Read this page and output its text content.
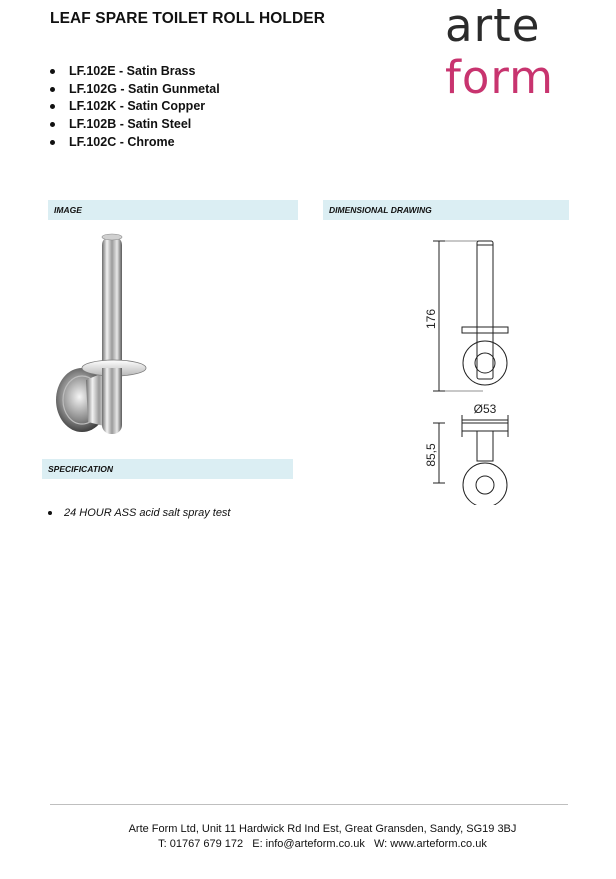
LEAF SPARE TOILET ROLL HOLDER	arte
form
LF.102E - Satin Brass
LF.102G - Satin Gunmetal
LF.102K - Satin Copper
LF.102B - Satin Steel
LF.102C - Chrome
IMAGE	DIMENSIONAL DRAWING
176
Ø53
85,5
SPECIFICATION
24 HOUR ASS acid salt spray test
Arte Form Ltd, Unit 11 Hardwick Rd Ind Est, Great Gransden, Sandy, SG19 3BJ
T: 01767 679 172 E: info@arteform.co.uk W: www.arteform.co.uk
